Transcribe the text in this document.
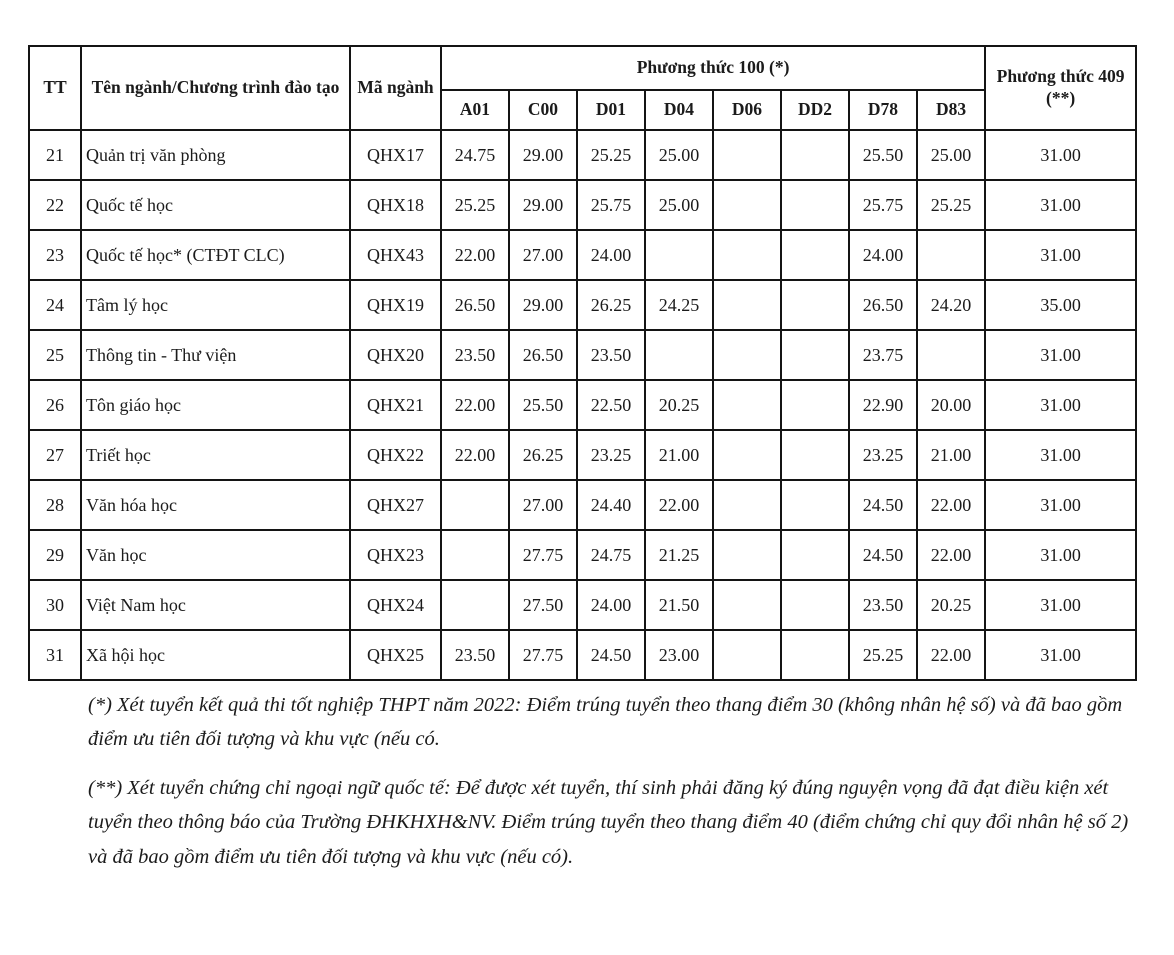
TT	Tên ngành/Chương trình đào tạo	Mã ngành	Phương thức 100 (*)								Phương thức 409 (**)
			A01	C00	D01	D04	D06	DD2	D78	D83	
21	Quản trị văn phòng	QHX17	24.75	29.00	25.25	25.00			25.50	25.00	31.00
22	Quốc tế học	QHX18	25.25	29.00	25.75	25.00			25.75	25.25	31.00
23	Quốc tế học* (CTĐT CLC)	QHX43	22.00	27.00	24.00				24.00		31.00
24	Tâm lý học	QHX19	26.50	29.00	26.25	24.25			26.50	24.20	35.00
25	Thông tin - Thư viện	QHX20	23.50	26.50	23.50				23.75		31.00
26	Tôn giáo học	QHX21	22.00	25.50	22.50	20.25			22.90	20.00	31.00
27	Triết học	QHX22	22.00	26.25	23.25	21.00			23.25	21.00	31.00
28	Văn hóa học	QHX27		27.00	24.40	22.00			24.50	22.00	31.00
29	Văn học	QHX23		27.75	24.75	21.25			24.50	22.00	31.00
30	Việt Nam học	QHX24		27.50	24.00	21.50			23.50	20.25	31.00
31	Xã hội học	QHX25	23.50	27.75	24.50	23.00			25.25	22.00	31.00

(*) Xét tuyển kết quả thi tốt nghiệp THPT năm 2022: Điểm trúng tuyển theo thang điểm 30 (không nhân hệ số) và đã bao gồm điểm ưu tiên đối tượng và khu vực (nếu có.

(**) Xét tuyển chứng chỉ ngoại ngữ quốc tế: Để được xét tuyển, thí sinh phải đăng ký đúng nguyện vọng đã đạt điều kiện xét tuyển theo thông báo của Trường ĐHKHXH&NV. Điểm trúng tuyển theo thang điểm 40 (điểm chứng chỉ quy đổi nhân hệ số 2) và đã bao gồm điểm ưu tiên đối tượng và khu vực (nếu có).
